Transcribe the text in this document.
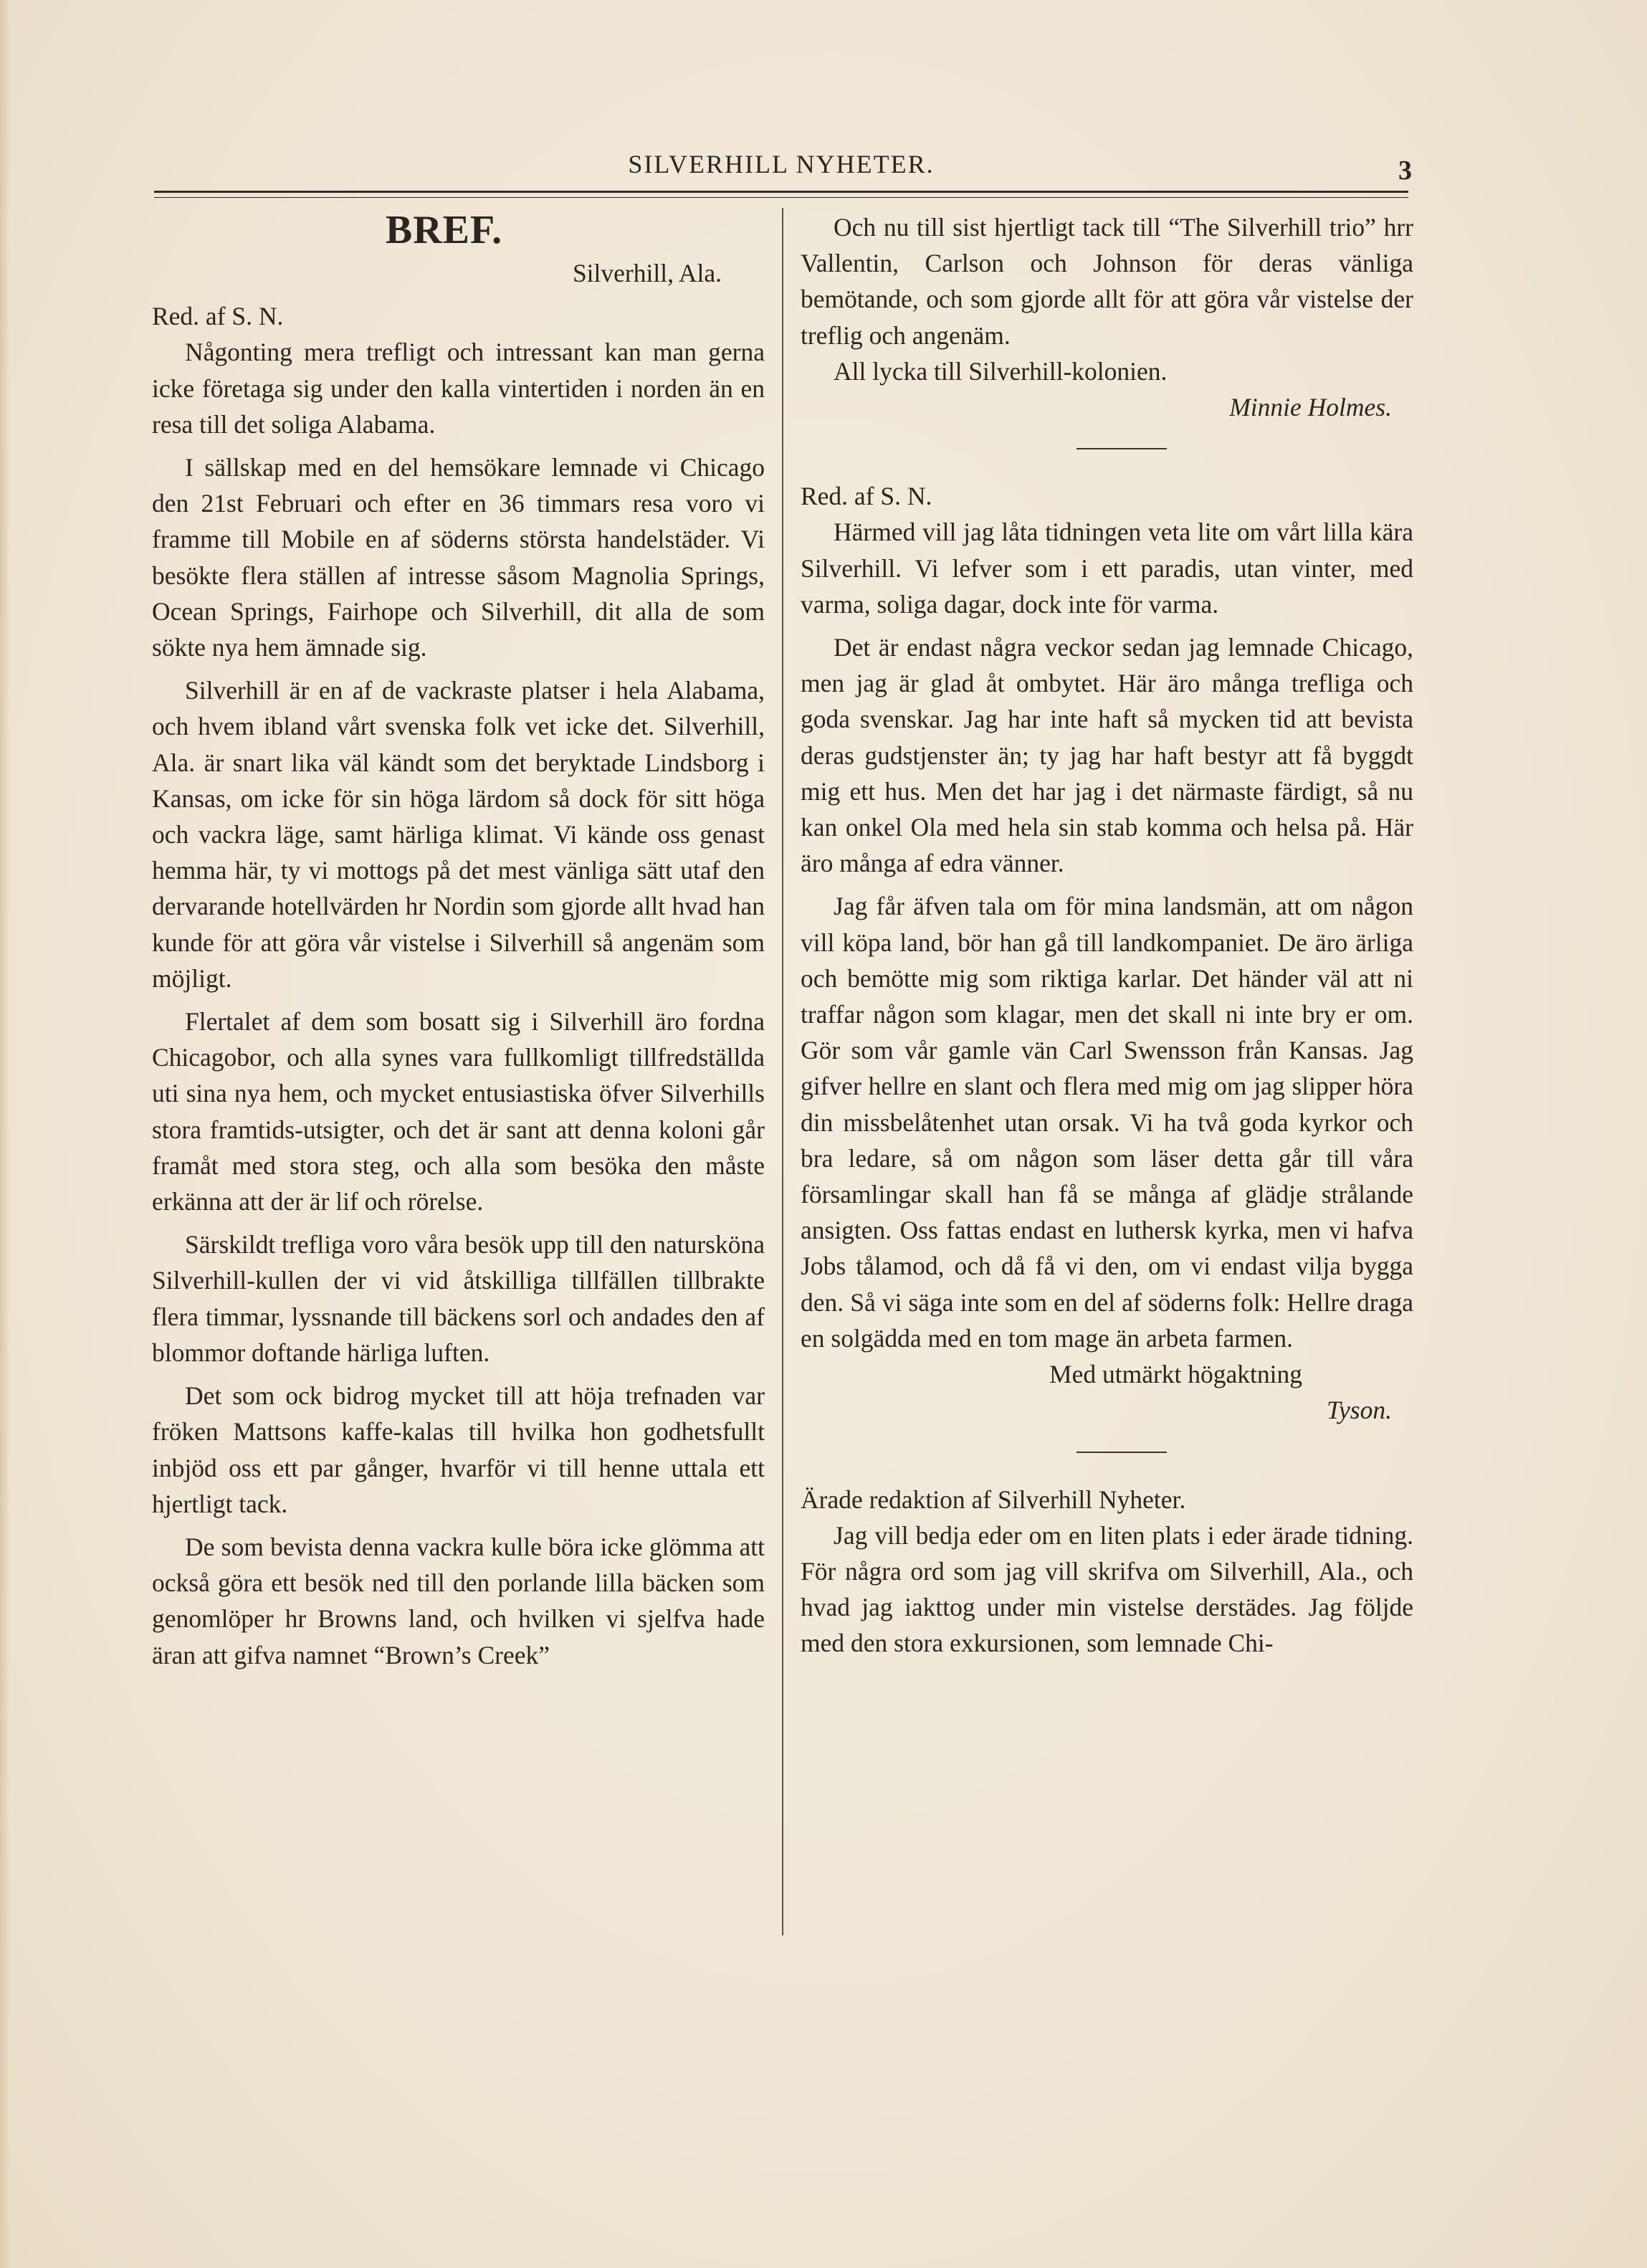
SILVERHILL NYHETER.	3
BREF.

Silverhill, Ala.

Red. af S. N.

Någonting mera trefligt och intressant kan man gerna icke företaga sig under den kalla vintertiden i norden än en resa till det soliga Alabama.

I sällskap med en del hemsökare lemnade vi Chicago den 21st Februari och efter en 36 timmars resa voro vi framme till Mobile en af söderns största handelstäder. Vi besökte flera ställen af intresse såsom Magnolia Springs, Ocean Springs, Fairhope och Silverhill, dit alla de som sökte nya hem ämnade sig.

Silverhill är en af de vackraste platser i hela Alabama, och hvem ibland vårt svenska folk vet icke det. Silverhill, Ala. är snart lika väl kändt som det beryktade Lindsborg i Kansas, om icke för sin höga lärdom så dock för sitt höga och vackra läge, samt härliga klimat. Vi kände oss genast hemma här, ty vi mottogs på det mest vänliga sätt utaf den dervarande hotellvärden hr Nordin som gjorde allt hvad han kunde för att göra vår vistelse i Silverhill så angenäm som möjligt.

Flertalet af dem som bosatt sig i Silverhill äro fordna Chicagobor, och alla synes vara fullkomligt tillfredställda uti sina nya hem, och mycket entusiastiska öfver Silverhills stora framtids-utsigter, och det är sant att denna koloni går framåt med stora steg, och alla som besöka den måste erkänna att der är lif och rörelse.

Särskildt trefliga voro våra besök upp till den natursköna Silverhill-kullen der vi vid åtskilliga tillfällen tillbrakte flera timmar, lyssnande till bäckens sorl och andades den af blommor doftande härliga luften.

Det som ock bidrog mycket till att höja trefnaden var fröken Mattsons kaffe-kalas till hvilka hon godhetsfullt inbjöd oss ett par gånger, hvarför vi till henne uttala ett hjertligt tack.

De som bevista denna vackra kulle böra icke glömma att också göra ett besök ned till den porlande lilla bäcken som genomlöper hr Browns land, och hvilken vi sjelfva hade äran att gifva namnet “Brown’s Creek”

Och nu till sist hjertligt tack till “The Silverhill trio” hrr Vallentin, Carlson och Johnson för deras vänliga bemötande, och som gjorde allt för att göra vår vistelse der treflig och angenäm.

All lycka till Silverhill-kolonien.

Minnie Holmes.

Red. af S. N.

Härmed vill jag låta tidningen veta lite om vårt lilla kära Silverhill. Vi lefver som i ett paradis, utan vinter, med varma, soliga dagar, dock inte för varma.

Det är endast några veckor sedan jag lemnade Chicago, men jag är glad åt ombytet. Här äro många trefliga och goda svenskar. Jag har inte haft så mycken tid att bevista deras gudstjenster än; ty jag har haft bestyr att få byggdt mig ett hus. Men det har jag i det närmaste färdigt, så nu kan onkel Ola med hela sin stab komma och helsa på. Här äro många af edra vänner.

Jag får äfven tala om för mina landsmän, att om någon vill köpa land, bör han gå till landkompaniet. De äro ärliga och bemötte mig som riktiga karlar. Det händer väl att ni traffar någon som klagar, men det skall ni inte bry er om. Gör som vår gamle vän Carl Swensson från Kansas. Jag gifver hellre en slant och flera med mig om jag slipper höra din missbelåtenhet utan orsak. Vi ha två goda kyrkor och bra ledare, så om någon som läser detta går till våra församlingar skall han få se många af glädje strålande ansigten. Oss fattas endast en luthersk kyrka, men vi hafva Jobs tålamod, och då få vi den, om vi endast vilja bygga den. Så vi säga inte som en del af söderns folk: Hellre draga en solgädda med en tom mage än arbeta farmen.

Med utmärkt högaktning

Tyson.

Ärade redaktion af Silverhill Nyheter.

Jag vill bedja eder om en liten plats i eder ärade tidning. För några ord som jag vill skrifva om Silverhill, Ala., och hvad jag iakttog under min vistelse derstädes. Jag följde med den stora exkursionen, som lemnade Chi-
